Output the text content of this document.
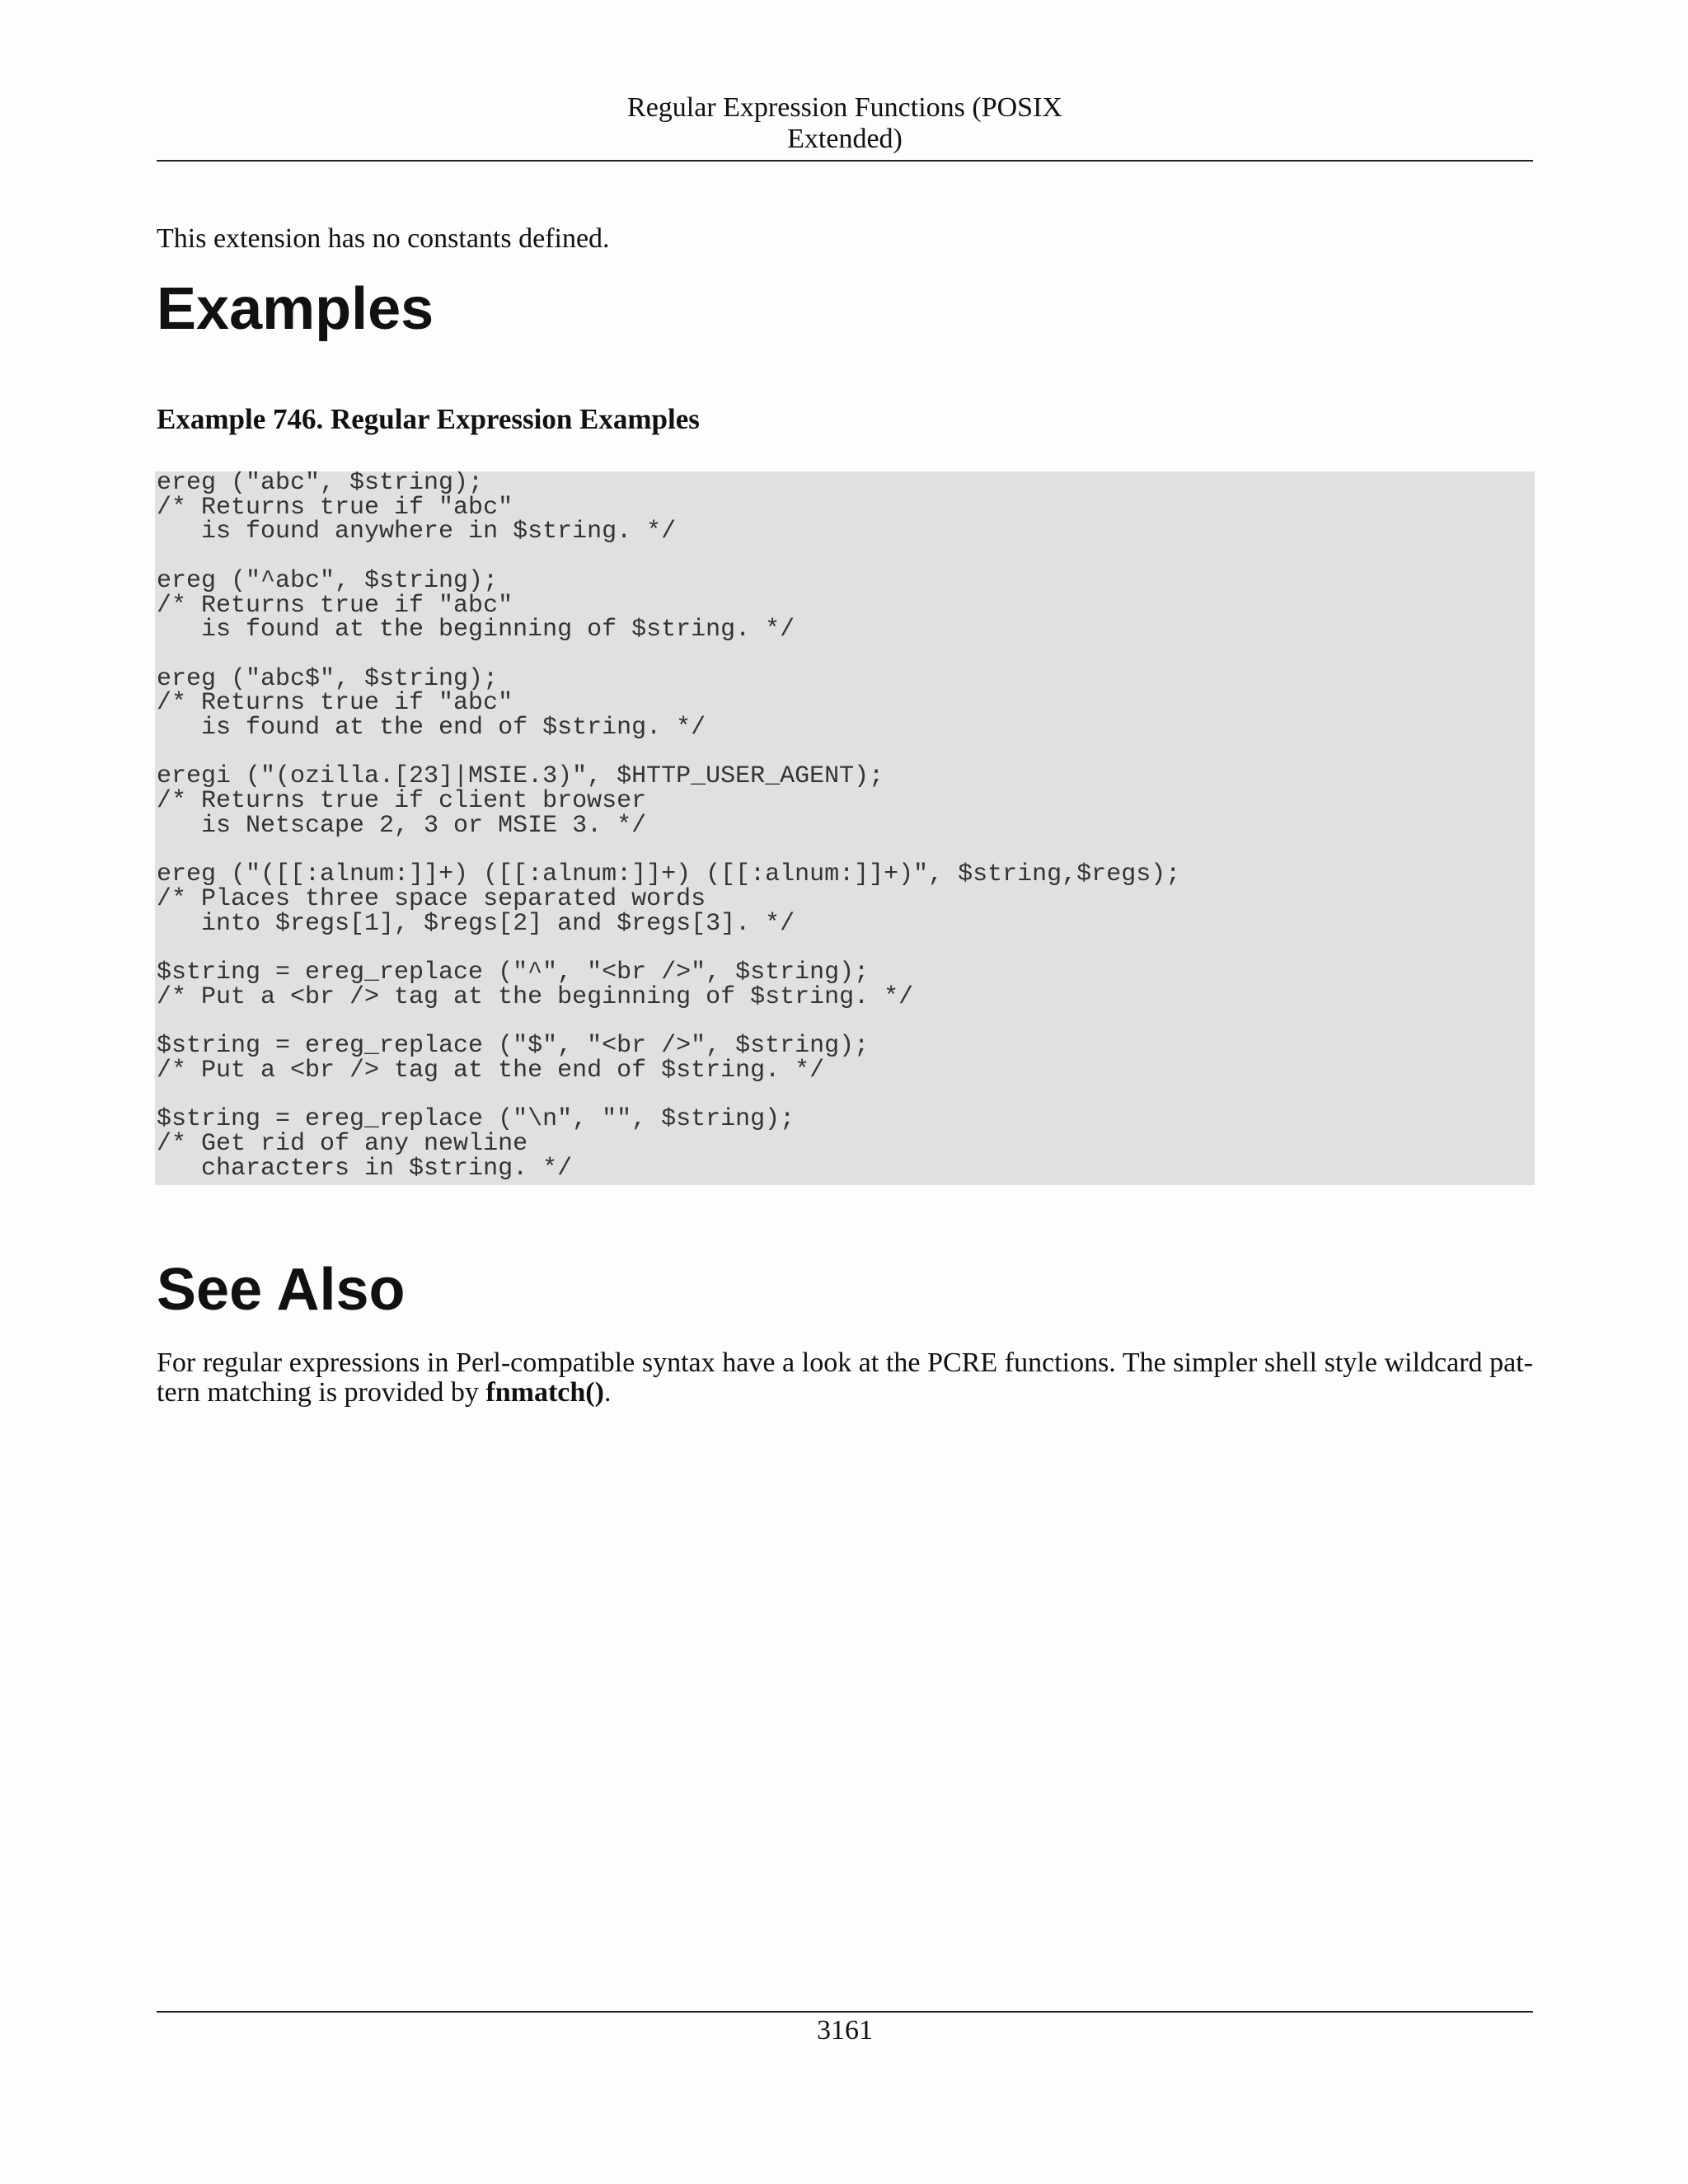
Regular Expression Functions (POSIX
Extended)
This extension has no constants defined.
Examples
Example 746. Regular Expression Examples
ereg ("abc", $string);
/* Returns true if "abc"
is found anywhere in $string. */

ereg ("^abc", $string);
/* Returns true if "abc"
is found at the beginning of $string. */

ereg ("abc$", $string);
/* Returns true if "abc"
is found at the end of $string. */

eregi ("(ozilla.[23]|MSIE.3)", $HTTP_USER_AGENT);
/* Returns true if client browser
is Netscape 2, 3 or MSIE 3. */

ereg ("([[:alnum:]]+) ([[:alnum:]]+) ([[:alnum:]]+)", $string,$regs);
/* Places three space separated words
into $regs[1], $regs[2] and $regs[3]. */

$string = ereg_replace ("^", "<br />", $string);
/* Put a <br /> tag at the beginning of $string. */

$string = ereg_replace ("$", "<br />", $string);
/* Put a <br /> tag at the end of $string. */

$string = ereg_replace ("\n", "", $string);
/* Get rid of any newline
characters in $string. */
See Also
For regular expressions in Perl-compatible syntax have a look at the PCRE functions. The simpler shell style wildcard pat-tern matching is provided by fnmatch().
3161
